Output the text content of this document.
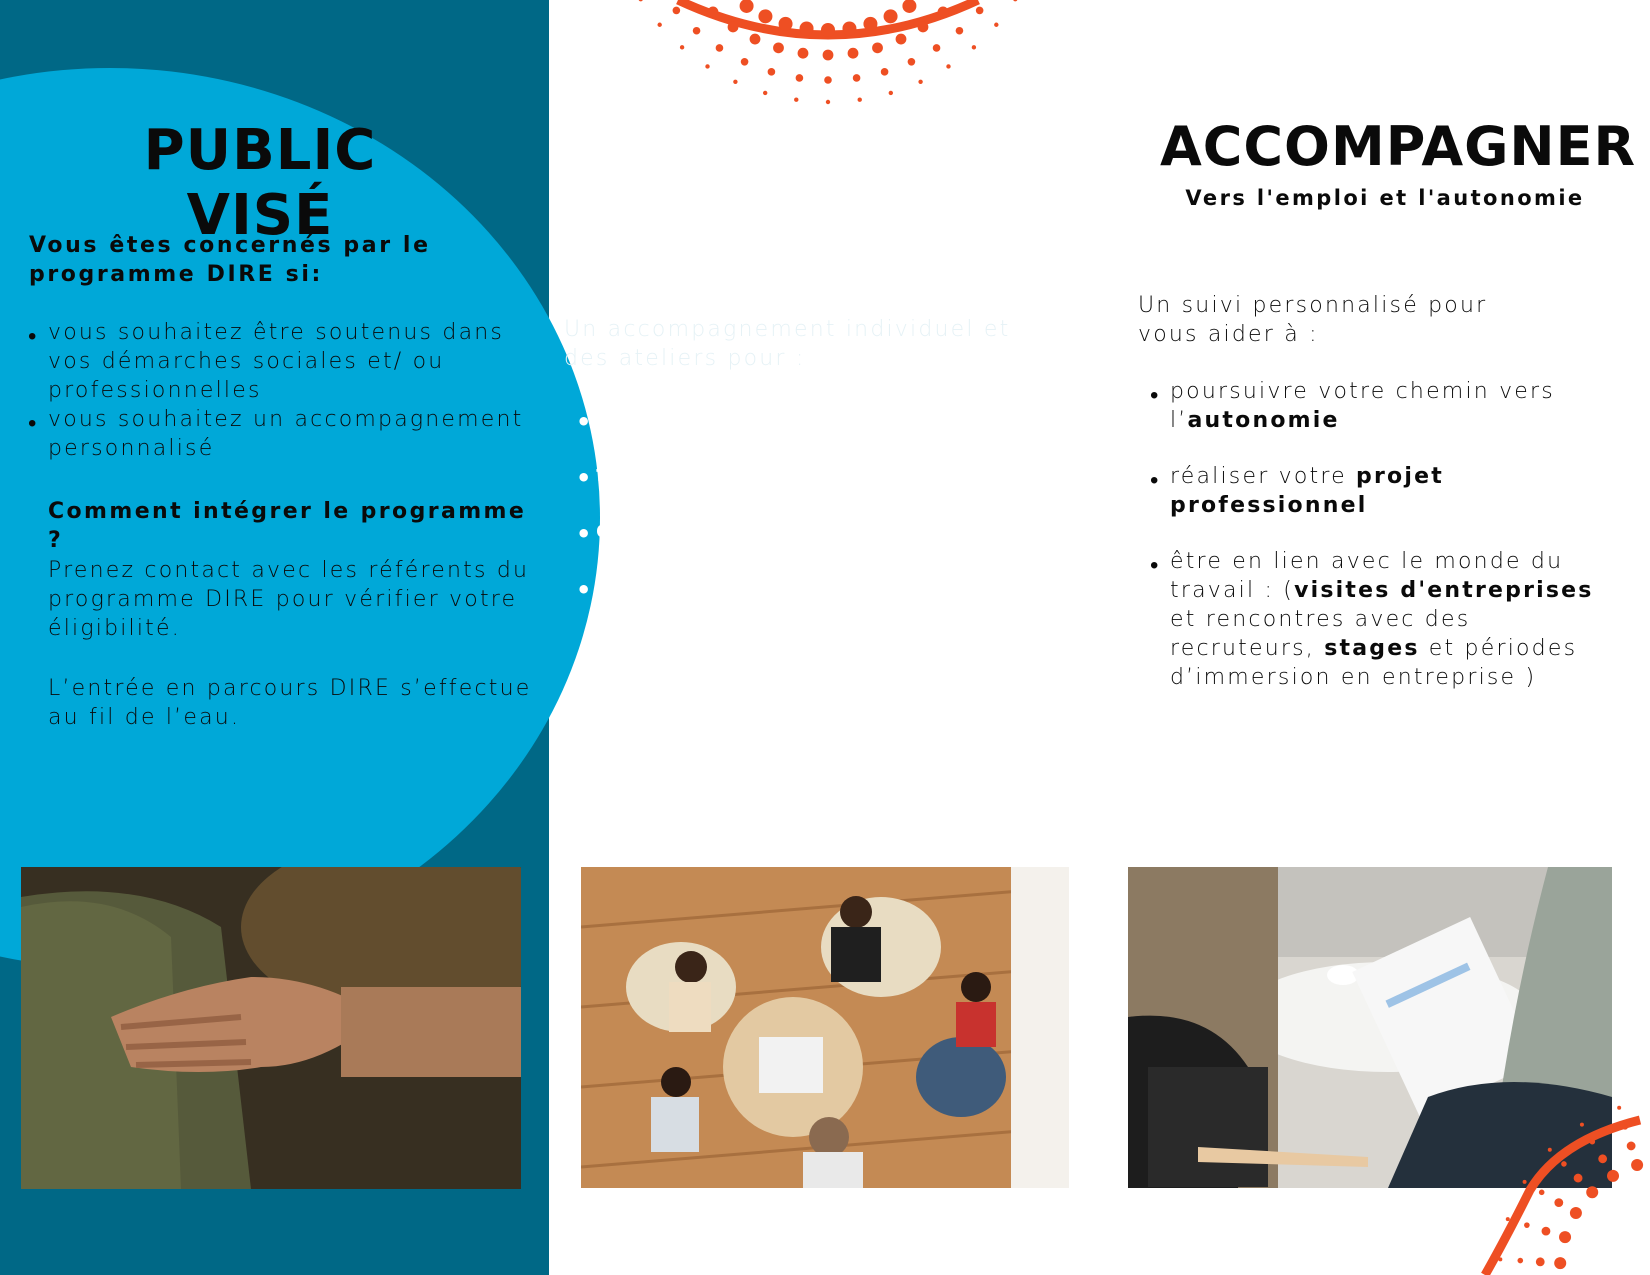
PUBLIC VISÉ
Vous êtes concernés par le programme DIRE si:
• vous souhaitez être soutenus dans vos démarches sociales et/ ou professionnelles
• vous souhaitez un accompagnement personnalisé
Comment intégrer le programme ?
Prenez contact avec les référents du programme DIRE pour vérifier votre éligibilité.
L’entrée en parcours DIRE s’effectue au fil de l’eau.
REMOBILISER
Une étape clé pour reprendre confiance
Un accompagnement individuel et des ateliers pour :
• retrouver confiance
• favoriser votre autonomie
• développer vos compétences
• construire un projet professionnel
ACCOMPAGNER
Vers l'emploi et l'autonomie
Un suivi personnalisé pour vous aider à :
• poursuivre votre chemin vers l’autonomie
• réaliser votre projet professionnel
• être en lien avec le monde du travail : (visites d'entreprises et rencontres avec des recruteurs, stages et périodes d’immersion en entreprise )
